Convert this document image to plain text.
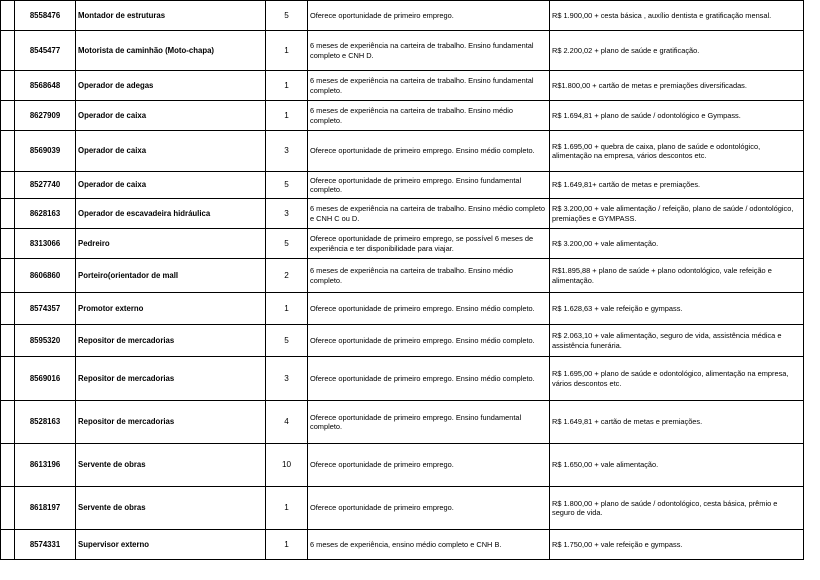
	8558476	Montador de estruturas	5	Oferece oportunidade de primeiro emprego.	R$ 1.900,00 + cesta básica , auxílio dentista e gratificação mensal.
	8545477	Motorista de caminhão (Moto-chapa)	1	6 meses de experiência na carteira de trabalho. Ensino fundamental completo e CNH D.	R$ 2.200,02 + plano de saúde e gratificação.
	8568648	Operador de adegas	1	6 meses de experiência na carteira de trabalho. Ensino fundamental completo.	R$1.800,00 + cartão de metas e premiações diversificadas.
	8627909	Operador de caixa	1	6 meses de experiência na carteira de trabalho. Ensino médio completo.	R$ 1.694,81 + plano de saúde / odontológico e Gympass.
	8569039	Operador de caixa	3	Oferece oportunidade de primeiro emprego. Ensino médio completo.	R$ 1.695,00 + quebra de caixa, plano de saúde e odontológico, alimentação na empresa, vários descontos etc.
	8527740	Operador de caixa	5	Oferece oportunidade de primeiro emprego. Ensino fundamental completo.	R$ 1.649,81+ cartão de metas e premiações.
	8628163	Operador de escavadeira hidráulica	3	6 meses de experiência na carteira de trabalho. Ensino médio completo e CNH C ou D.	R$ 3.200,00 + vale alimentação / refeição, plano de saúde / odontológico, premiações e GYMPASS.
	8313066	Pedreiro	5	Oferece oportunidade de primeiro emprego, se possível 6 meses de experiência e ter disponibilidade para viajar.	R$ 3.200,00 + vale alimentação.
	8606860	Porteiro(orientador de mall	2	6 meses de experiência na carteira de trabalho. Ensino médio completo.	R$1.895,88 + plano de saúde + plano odontológico, vale refeição e alimentação.
	8574357	Promotor externo	1	Oferece oportunidade de primeiro emprego. Ensino médio completo.	R$ 1.628,63 + vale refeição e gympass.
	8595320	Repositor de mercadorias	5	Oferece oportunidade de primeiro emprego. Ensino médio completo.	R$ 2.063,10 + vale alimentação, seguro de vida, assistência médica e assistência funerária.
	8569016	Repositor de mercadorias	3	Oferece oportunidade de primeiro emprego. Ensino médio completo.	R$ 1.695,00 + plano de saúde e odontológico, alimentação na empresa, vários descontos etc.
	8528163	Repositor de mercadorias	4	Oferece oportunidade de primeiro emprego. Ensino fundamental completo.	R$ 1.649,81 + cartão de metas e premiações.
	8613196	Servente de obras	10	Oferece oportunidade de primeiro emprego.	R$ 1.650,00 + vale alimentação.
	8618197	Servente de obras	1	Oferece oportunidade de primeiro emprego.	R$ 1.800,00 + plano de saúde / odontológico, cesta básica, prêmio e seguro de vida.
	8574331	Supervisor externo	1	6 meses de experiência, ensino médio completo e CNH B.	R$ 1.750,00 + vale refeição e gympass.
